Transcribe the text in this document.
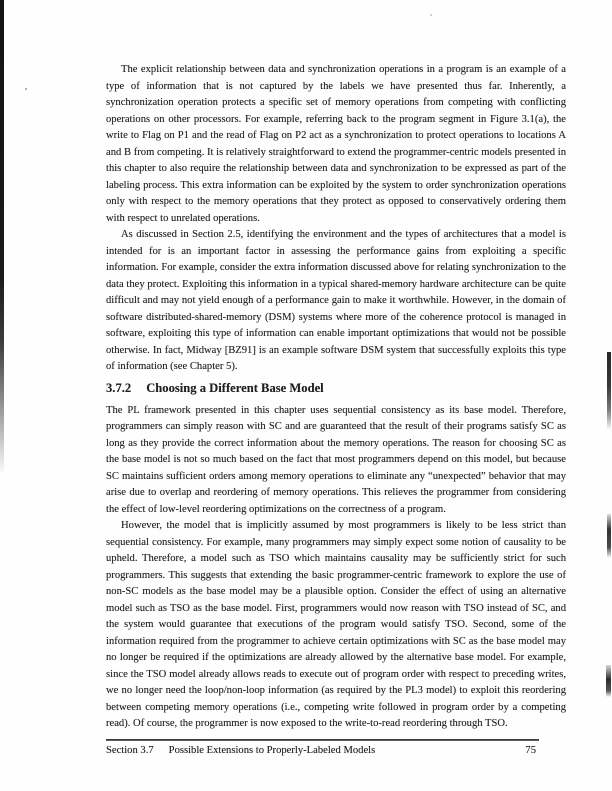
The explicit relationship between data and synchronization operations in a program is an example of a type of information that is not captured by the labels we have presented thus far. Inherently, a synchronization operation protects a specific set of memory operations from competing with conflicting operations on other processors. For example, referring back to the program segment in Figure 3.1(a), the write to Flag on P1 and the read of Flag on P2 act as a synchronization to protect operations to locations A and B from competing. It is relatively straightforward to extend the programmer-centric models presented in this chapter to also require the relationship between data and synchronization to be expressed as part of the labeling process. This extra information can be exploited by the system to order synchronization operations only with respect to the memory operations that they protect as opposed to conservatively ordering them with respect to unrelated operations.

As discussed in Section 2.5, identifying the environment and the types of architectures that a model is intended for is an important factor in assessing the performance gains from exploiting a specific information. For example, consider the extra information discussed above for relating synchronization to the data they protect. Exploiting this information in a typical shared-memory hardware architecture can be quite difficult and may not yield enough of a performance gain to make it worthwhile. However, in the domain of software distributed-shared-memory (DSM) systems where more of the coherence protocol is managed in software, exploiting this type of information can enable important optimizations that would not be possible otherwise. In fact, Midway [BZ91] is an example software DSM system that successfully exploits this type of information (see Chapter 5).

3.7.2 Choosing a Different Base Model

The PL framework presented in this chapter uses sequential consistency as its base model. Therefore, programmers can simply reason with SC and are guaranteed that the result of their programs satisfy SC as long as they provide the correct information about the memory operations. The reason for choosing SC as the base model is not so much based on the fact that most programmers depend on this model, but because SC maintains sufficient orders among memory operations to eliminate any “unexpected” behavior that may arise due to overlap and reordering of memory operations. This relieves the programmer from considering the effect of low-level reordering optimizations on the correctness of a program.

However, the model that is implicitly assumed by most programmers is likely to be less strict than sequential consistency. For example, many programmers may simply expect some notion of causality to be upheld. Therefore, a model such as TSO which maintains causality may be sufficiently strict for such programmers. This suggests that extending the basic programmer-centric framework to explore the use of non-SC models as the base model may be a plausible option. Consider the effect of using an alternative model such as TSO as the base model. First, programmers would now reason with TSO instead of SC, and the system would guarantee that executions of the program would satisfy TSO. Second, some of the information required from the programmer to achieve certain optimizations with SC as the base model may no longer be required if the optimizations are already allowed by the alternative base model. For example, since the TSO model already allows reads to execute out of program order with respect to preceding writes, we no longer need the loop/non-loop information (as required by the PL3 model) to exploit this reordering between competing memory operations (i.e., competing write followed in program order by a competing read). Of course, the programmer is now exposed to the write-to-read reordering through TSO.

Section 3.7 Possible Extensions to Properly-Labeled Models	75
